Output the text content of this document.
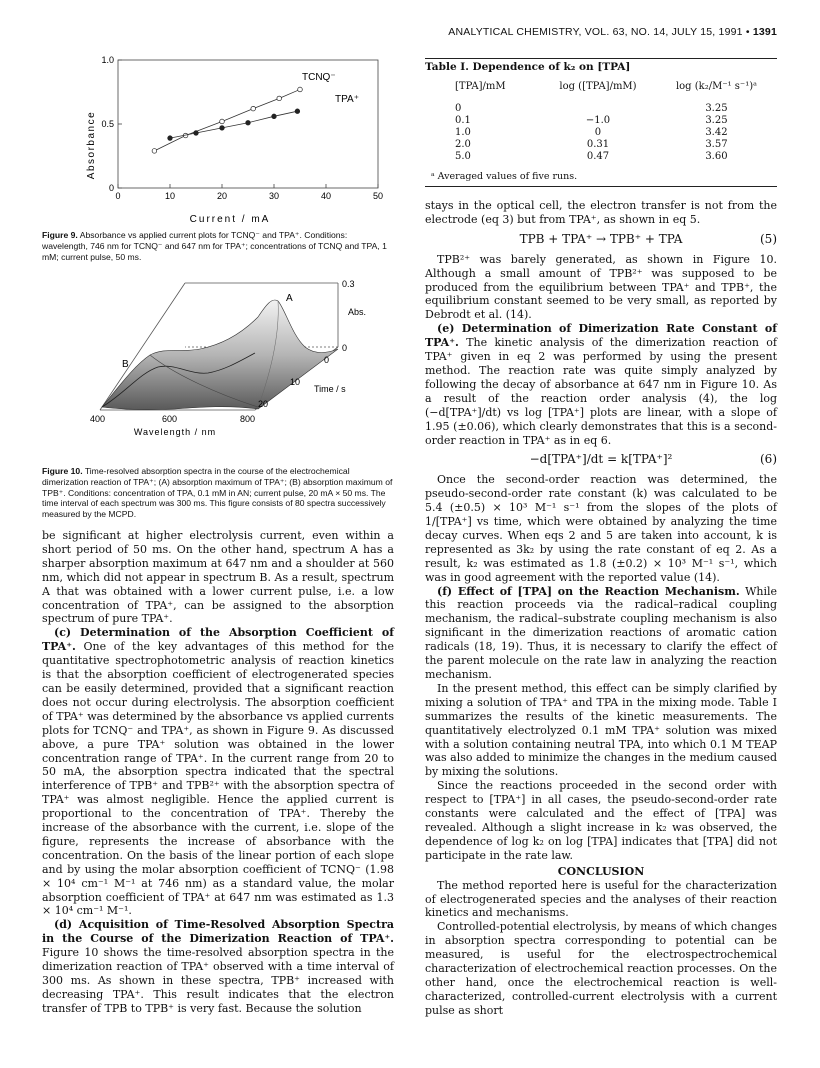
ANALYTICAL CHEMISTRY, VOL. 63, NO. 14, JULY 15, 1991 • 1391
0	10	20	30	40	50
0
0.5
1.0
Current / mA
Absorbance
TCNQ⁻
TPA⁺
Figure 9. Absorbance vs applied current plots for TCNQ⁻ and TPA⁺. Conditions: wavelength, 746 nm for TCNQ⁻ and 647 nm for TPA⁺; concentrations of TCNQ and TPA, 1 mM; current pulse, 50 ms.
0.3
Abs.
0
A
B	0
10
20
Time / s
400	600	800
Wavelength / nm
Figure 10. Time-resolved absorption spectra in the course of the electrochemical dimerization reaction of TPA⁺; (A) absorption maximum of TPA⁺; (B) absorption maximum of TPB⁺. Conditions: concentration of TPA, 0.1 mM in AN; current pulse, 20 mA × 50 ms. The time interval of each spectrum was 300 ms. This figure consists of 80 spectra successively measured by the MCPD.

be significant at higher electrolysis current, even within a short period of 50 ms. On the other hand, spectrum A has a sharper absorption maximum at 647 nm and a shoulder at 560 nm, which did not appear in spectrum B. As a result, spectrum A that was obtained with a lower current pulse, i.e. a low concentration of TPA⁺, can be assigned to the absorption spectrum of pure TPA⁺.

(c) Determination of the Absorption Coefficient of TPA⁺. One of the key advantages of this method for the quantitative spectrophotometric analysis of reaction kinetics is that the absorption coefficient of electrogenerated species can be easily determined, provided that a significant reaction does not occur during electrolysis. The absorption coefficient of TPA⁺ was determined by the absorbance vs applied currents plots for TCNQ⁻ and TPA⁺, as shown in Figure 9. As discussed above, a pure TPA⁺ solution was obtained in the lower concentration range of TPA⁺. In the current range from 20 to 50 mA, the absorption spectra indicated that the spectral interference of TPB⁺ and TPB²⁺ with the absorption spectra of TPA⁺ was almost negligible. Hence the applied current is proportional to the concentration of TPA⁺. Thereby the increase of the absorbance with the current, i.e. slope of the figure, represents the increase of absorbance with the concentration. On the basis of the linear portion of each slope and by using the molar absorption coefficient of TCNQ⁻ (1.98 × 10⁴ cm⁻¹ M⁻¹ at 746 nm) as a standard value, the molar absorption coefficient of TPA⁺ at 647 nm was estimated as 1.3 × 10⁴ cm⁻¹ M⁻¹.

(d) Acquisition of Time-Resolved Absorption Spectra in the Course of the Dimerization Reaction of TPA⁺. Figure 10 shows the time-resolved absorption spectra in the dimerization reaction of TPA⁺ observed with a time interval of 300 ms. As shown in these spectra, TPB⁺ increased with decreasing TPA⁺. This result indicates that the electron transfer of TPB to TPB⁺ is very fast. Because the solution

Table I. Dependence of k₂ on [TPA]
[TPA]/mM	log ([TPA]/mM)	log (k₂/M⁻¹ s⁻¹)ᵃ
0		3.25
0.1	−1.0	3.25
1.0	0	3.42
2.0	0.31	3.57
5.0	0.47	3.60
ᵃ Averaged values of five runs.

stays in the optical cell, the electron transfer is not from the electrode (eq 3) but from TPA⁺, as shown in eq 5.

TPB + TPA⁺ → TPB⁺ + TPA	(5)

TPB²⁺ was barely generated, as shown in Figure 10. Although a small amount of TPB²⁺ was supposed to be produced from the equilibrium between TPA⁺ and TPB⁺, the equilibrium constant seemed to be very small, as reported by Debrodt et al. (14).

(e) Determination of Dimerization Rate Constant of TPA⁺. The kinetic analysis of the dimerization reaction of TPA⁺ given in eq 2 was performed by using the present method. The reaction rate was quite simply analyzed by following the decay of absorbance at 647 nm in Figure 10. As a result of the reaction order analysis (4), the log (−d[TPA⁺]/dt) vs log [TPA⁺] plots are linear, with a slope of 1.95 (±0.06), which clearly demonstrates that this is a second-order reaction in TPA⁺ as in eq 6.

−d[TPA⁺]/dt = k[TPA⁺]²	(6)

Once the second-order reaction was determined, the pseudo-second-order rate constant (k) was calculated to be 5.4 (±0.5) × 10³ M⁻¹ s⁻¹ from the slopes of the plots of 1/[TPA⁺] vs time, which were obtained by analyzing the time decay curves. When eqs 2 and 5 are taken into account, k is represented as 3k₂ by using the rate constant of eq 2. As a result, k₂ was estimated as 1.8 (±0.2) × 10³ M⁻¹ s⁻¹, which was in good agreement with the reported value (14).

(f) Effect of [TPA] on the Reaction Mechanism. While this reaction proceeds via the radical–radical coupling mechanism, the radical–substrate coupling mechanism is also significant in the dimerization reactions of aromatic cation radicals (18, 19). Thus, it is necessary to clarify the effect of the parent molecule on the rate law in analyzing the reaction mechanism.

In the present method, this effect can be simply clarified by mixing a solution of TPA⁺ and TPA in the mixing mode. Table I summarizes the results of the kinetic measurements. The quantitatively electrolyzed 0.1 mM TPA⁺ solution was mixed with a solution containing neutral TPA, into which 0.1 M TEAP was also added to minimize the changes in the medium caused by mixing the solutions.

Since the reactions proceeded in the second order with respect to [TPA⁺] in all cases, the pseudo-second-order rate constants were calculated and the effect of [TPA] was revealed. Although a slight increase in k₂ was observed, the dependence of log k₂ on log [TPA] indicates that [TPA] did not participate in the rate law.

CONCLUSION

The method reported here is useful for the characterization of electrogenerated species and the analyses of their reaction kinetics and mechanisms.

Controlled-potential electrolysis, by means of which changes in absorption spectra corresponding to potential can be measured, is useful for the electrospectrochemical characterization of electrochemical reaction processes. On the other hand, once the electrochemical reaction is well-characterized, controlled-current electrolysis with a current pulse as short
